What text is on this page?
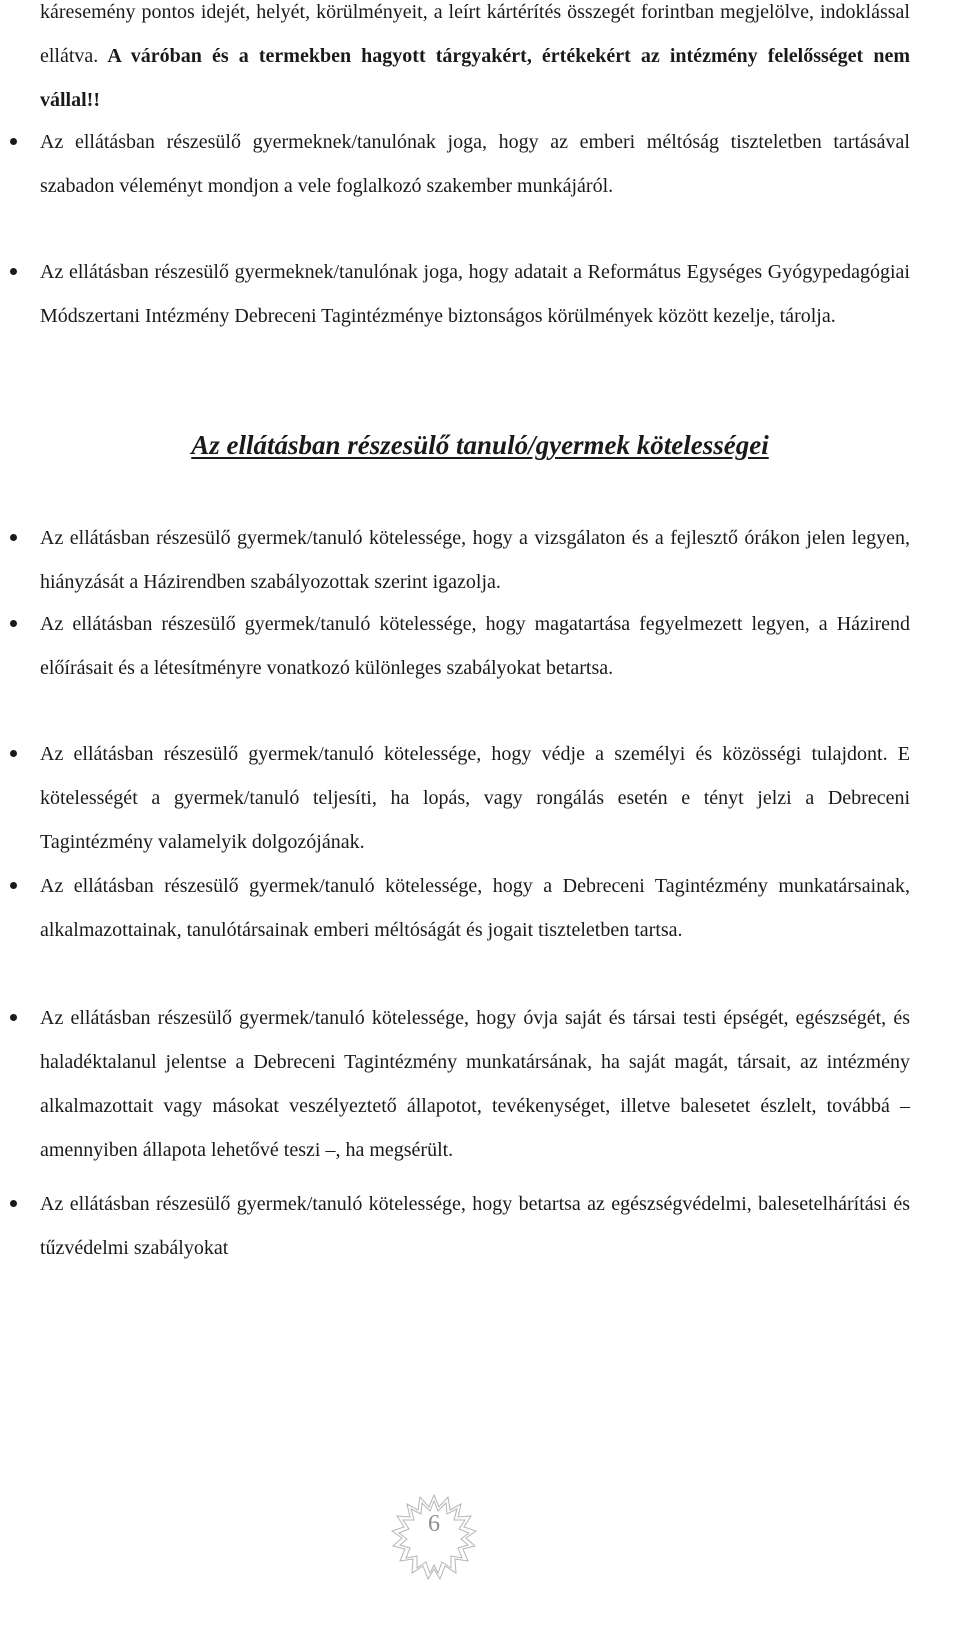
káresemény pontos idejét, helyét, körülményeit, a leírt kártérítés összegét forintban megjelölve, indoklással ellátva. A váróban és a termekben hagyott tárgyakért, értékekért az intézmény felelősséget nem vállal!!

Az ellátásban részesülő gyermeknek/tanulónak joga, hogy az emberi méltóság tiszteletben tartásával szabadon véleményt mondjon a vele foglalkozó szakember munkájáról.

Az ellátásban részesülő gyermeknek/tanulónak joga, hogy adatait a Református Egységes Gyógypedagógiai Módszertani Intézmény Debreceni Tagintézménye biztonságos körülmények között kezelje, tárolja.

Az ellátásban részesülő tanuló/gyermek kötelességei

Az ellátásban részesülő gyermek/tanuló kötelessége, hogy a vizsgálaton és a fejlesztő órákon jelen legyen, hiányzását a Házirendben szabályozottak szerint igazolja.

Az ellátásban részesülő gyermek/tanuló kötelessége, hogy magatartása fegyelmezett legyen, a Házirend előírásait és a létesítményre vonatkozó különleges szabályokat betartsa.

Az ellátásban részesülő gyermek/tanuló kötelessége, hogy védje a személyi és közösségi tulajdont. E kötelességét a gyermek/tanuló teljesíti, ha lopás, vagy rongálás esetén e tényt jelzi a Debreceni Tagintézmény valamelyik dolgozójának.

Az ellátásban részesülő gyermek/tanuló kötelessége, hogy a Debreceni Tagintézmény munkatársainak, alkalmazottainak, tanulótársainak emberi méltóságát és jogait tiszteletben tartsa.

Az ellátásban részesülő gyermek/tanuló kötelessége, hogy óvja saját és társai testi épségét, egészségét, és haladéktalanul jelentse a Debreceni Tagintézmény munkatársának, ha saját magát, társait, az intézmény alkalmazottait vagy másokat veszélyeztető állapotot, tevékenységet, illetve balesetet észlelt, továbbá – amennyiben állapota lehetővé teszi –, ha megsérült.

Az ellátásban részesülő gyermek/tanuló kötelessége, hogy betartsa az egészségvédelmi, balesetelhárítási és tűzvédelmi szabályokat

6
